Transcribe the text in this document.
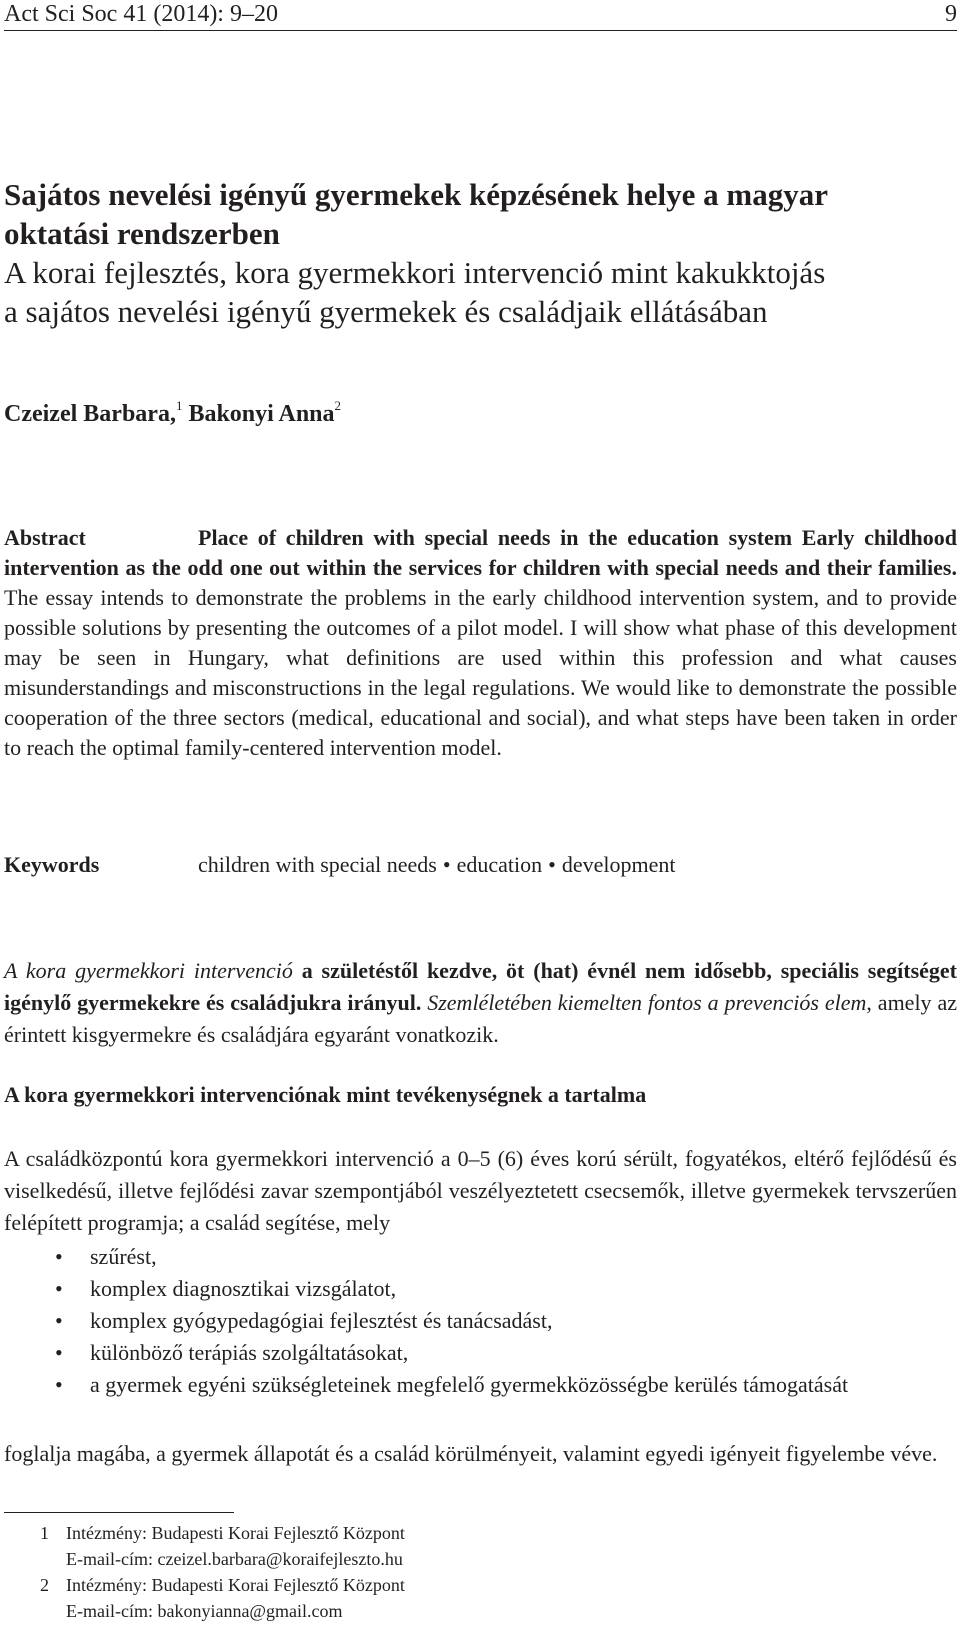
Act Sci Soc 41 (2014): 9–20	9
Sajátos nevelési igényű gyermekek képzésének helye a magyar
oktatási rendszerben
A korai fejlesztés, kora gyermekkori intervenció mint kakukktojás
a sajátos nevelési igényű gyermekek és családjaik ellátásában
Czeizel Barbara,$^1$ Bakonyi Anna$^2$

Abstract	Place of children with special needs in the education system Early childhood intervention as the odd one out within the services for children with special needs and their families. The essay intends to demonstrate the problems in the early childhood intervention system, and to provide possible solutions by presenting the outcomes of a pilot model. I will show what phase of this development may be seen in Hungary, what definitions are used within this profession and what causes misunderstandings and misconstructions in the legal regulations. We would like to demonstrate the possible cooperation of the three sectors (medical, educational and social), and what steps have been taken in order to reach the optimal family-centered intervention model.

Keywords	children with special needs • education • development

A kora gyermekkori intervenció a születéstől kezdve, öt (hat) évnél nem idősebb, speciális segítséget igénylő gyermekekre és családjukra irányul. Szemléletében kiemelten fontos a prevenciós elem, amely az érintett kisgyermekre és családjára egyaránt vonatkozik.

A kora gyermekkori intervenciónak mint tevékenységnek a tartalma

A családközpontú kora gyermekkori intervenció a 0–5 (6) éves korú sérült, fogyatékos, eltérő fejlődésű és viselkedésű, illetve fejlődési zavar szempontjából veszélyeztetett csecsemők, illetve gyermekek tervszerűen felépített programja; a család segítése, mely

• szűrést,
• komplex diagnosztikai vizsgálatot,
• komplex gyógypedagógiai fejlesztést és tanácsadást,
• különböző terápiás szolgáltatásokat,
• a gyermek egyéni szükségleteinek megfelelő gyermekközösségbe kerülés támogatását

foglalja magába, a gyermek állapotát és a család körülményeit, valamint egyedi igényeit figyelembe véve.

1 Intézmény: Budapesti Korai Fejlesztő Központ
E-mail-cím: czeizel.barbara@koraifejleszto.hu
2 Intézmény: Budapesti Korai Fejlesztő Központ
E-mail-cím: bakonyianna@gmail.com
